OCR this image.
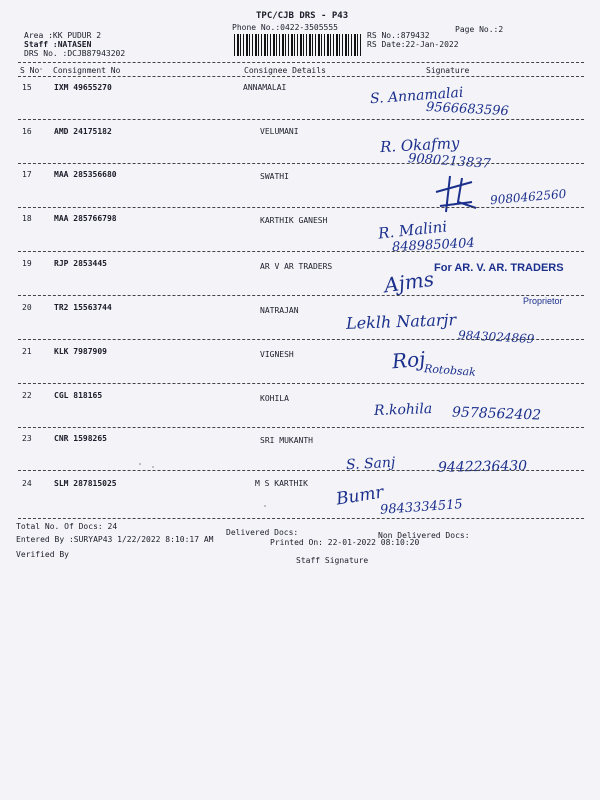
TPC/CJB DRS - P43
Phone No.:0422-3505555	Page No.:2
Area :KK PUDUR 2
Staff :NATASEN
DRS No. :DCJB87943202
RS No.:879432
RS Date:22-Jan-2022
S No Consignment No	Consignee Details	Signature
15	IXM 49655270	ANNAMALAI	S. Annamalai
9566683596
16	AMD 24175182	VELUMANI
R. Okafmy
9080213837
17	MAA 285356680	SWATHI
9080462560
18	MAA 285766798	KARTHIK GANESH	R. Malini
8489850404
19	RJP 2853445	AR V AR TRADERS
Ajms
For AR. V. AR. TRADERS
Proprietor
20	TR2 15563744	NATRAJAN	Leklh Natarjr
9843024869
21	KLK 7987909	VIGNESH	Roj
Rotobsak
22	CGL 818165	KOHILA
R.kohila 9578562402
23	CNR 1598265	SRI MUKANTH
S. Sanj	9442236430
24	SLM 287815025	M S KARTHIK Bumr
9843334515
Total No. Of Docs: 24
Delivered Docs:	Non Delivered Docs:
Entered By :SURYAP43 1/22/2022 8:10:17 AM	Printed On: 22-01-2022 08:10:20
Verified By
Staff Signature
